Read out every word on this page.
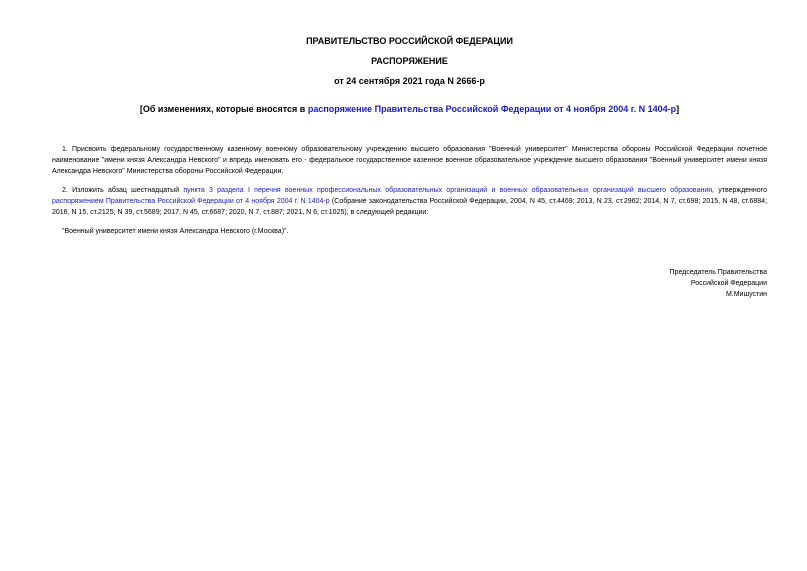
ПРАВИТЕЛЬСТВО РОССИЙСКОЙ ФЕДЕРАЦИИ
РАСПОРЯЖЕНИЕ
от 24 сентября 2021 года N 2666-р
[Об изменениях, которые вносятся в распоряжение Правительства Российской Федерации от 4 ноября 2004 г. N 1404-р]

1. Присвоить федеральному государственному казенному военному образовательному учреждению высшего образования "Военный университет" Министерства обороны Российской Федерации почетное наименование "имени князя Александра Невского" и впредь именовать его - федеральное государственное казенное военное образовательное учреждение высшего образования "Военный университет имени князя Александра Невского" Министерства обороны Российской Федерации.

2. Изложить абзац шестнадцатый пункта 3 раздела I перечня военных профессиональных образовательных организаций и военных образовательных организаций высшего образования, утвержденного распоряжением Правительства Российской Федерации от 4 ноября 2004 г. N 1404-р (Собрание законодательства Российской Федерации, 2004, N 45, ст.4469; 2013, N 23, ст.2962; 2014, N 7, ст.698; 2015, N 48, ст.6884; 2016, N 15, ст.2125; N 39, ст.5689; 2017, N 45, ст.6687; 2020, N 7, ст.887; 2021, N 6, ст.1025), в следующей редакции:

"Военный университет имени князя Александра Невского (г.Москва)".

Председатель Правительства
Российской Федерации
М.Мишустин
